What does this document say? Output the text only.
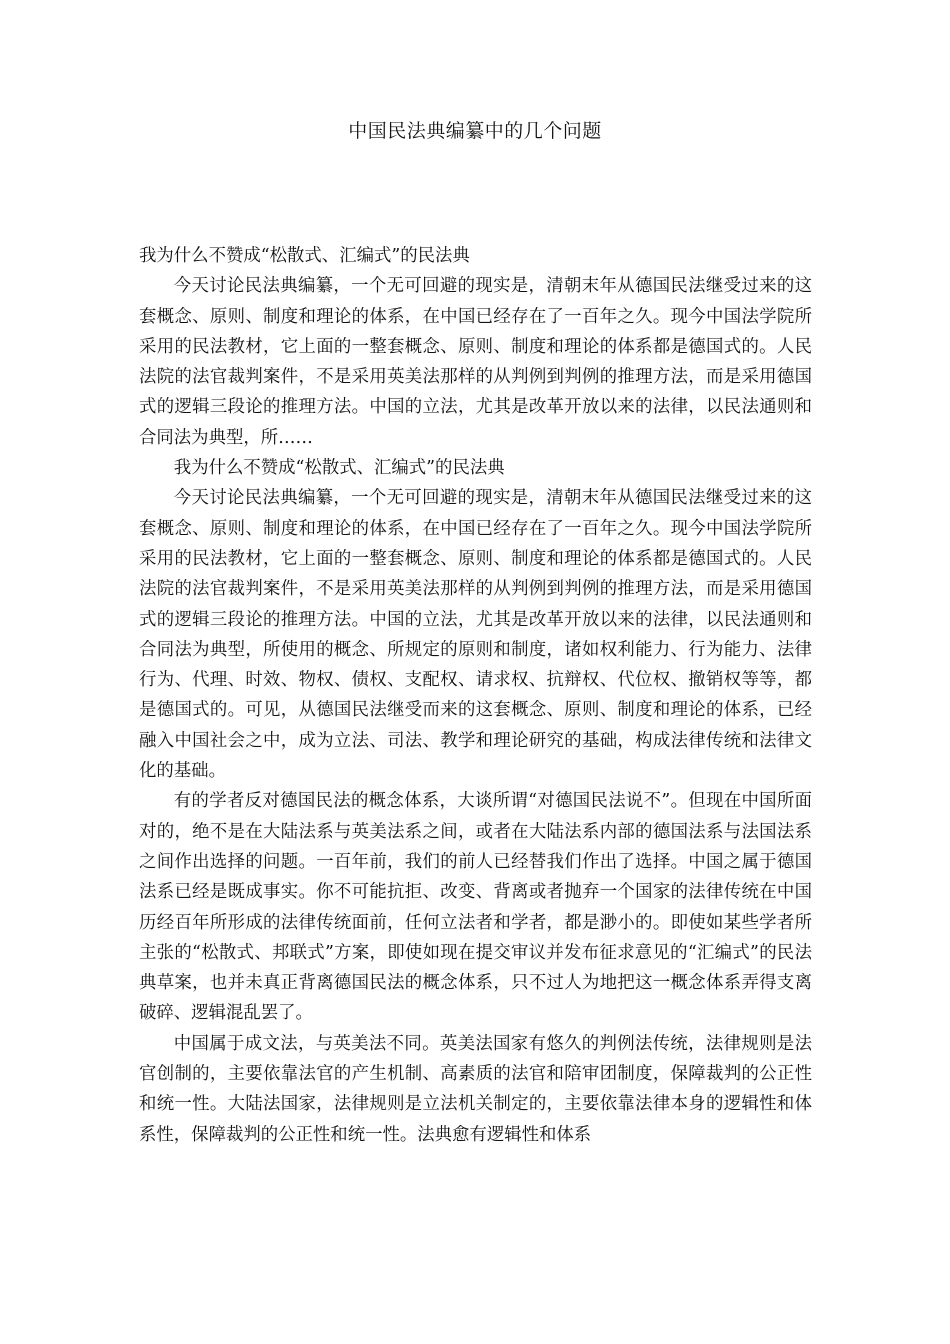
中国民法典编纂中的几个问题

我为什么不赞成“松散式、汇编式”的民法典

今天讨论民法典编纂，一个无可回避的现实是，清朝末年从德国民法继受过来的这套概念、原则、制度和理论的体系，在中国已经存在了一百年之久。现今中国法学院所采用的民法教材，它上面的一整套概念、原则、制度和理论的体系都是德国式的。人民法院的法官裁判案件，不是采用英美法那样的从判例到判例的推理方法，而是采用德国式的逻辑三段论的推理方法。中国的立法，尤其是改革开放以来的法律，以民法通则和合同法为典型，所……

我为什么不赞成“松散式、汇编式”的民法典

今天讨论民法典编纂，一个无可回避的现实是，清朝末年从德国民法继受过来的这套概念、原则、制度和理论的体系，在中国已经存在了一百年之久。现今中国法学院所采用的民法教材，它上面的一整套概念、原则、制度和理论的体系都是德国式的。人民法院的法官裁判案件，不是采用英美法那样的从判例到判例的推理方法，而是采用德国式的逻辑三段论的推理方法。中国的立法，尤其是改革开放以来的法律，以民法通则和合同法为典型，所使用的概念、所规定的原则和制度，诸如权利能力、行为能力、法律行为、代理、时效、物权、债权、支配权、请求权、抗辩权、代位权、撤销权等等，都是德国式的。可见，从德国民法继受而来的这套概念、原则、制度和理论的体系，已经融入中国社会之中，成为立法、司法、教学和理论研究的基础，构成法律传统和法律文化的基础。

有的学者反对德国民法的概念体系，大谈所谓“对德国民法说不”。但现在中国所面对的，绝不是在大陆法系与英美法系之间，或者在大陆法系内部的德国法系与法国法系之间作出选择的问题。一百年前，我们的前人已经替我们作出了选择。中国之属于德国法系已经是既成事实。你不可能抗拒、改变、背离或者抛弃一个国家的法律传统在中国历经百年所形成的法律传统面前，任何立法者和学者，都是渺小的。即使如某些学者所主张的“松散式、邦联式”方案，即使如现在提交审议并发布征求意见的“汇编式”的民法典草案，也并未真正背离德国民法的概念体系，只不过人为地把这一概念体系弄得支离破碎、逻辑混乱罢了。

中国属于成文法，与英美法不同。英美法国家有悠久的判例法传统，法律规则是法官创制的，主要依靠法官的产生机制、高素质的法官和陪审团制度，保障裁判的公正性和统一性。大陆法国家，法律规则是立法机关制定的，主要依靠法律本身的逻辑性和体系性，保障裁判的公正性和统一性。法典愈有逻辑性和体系
